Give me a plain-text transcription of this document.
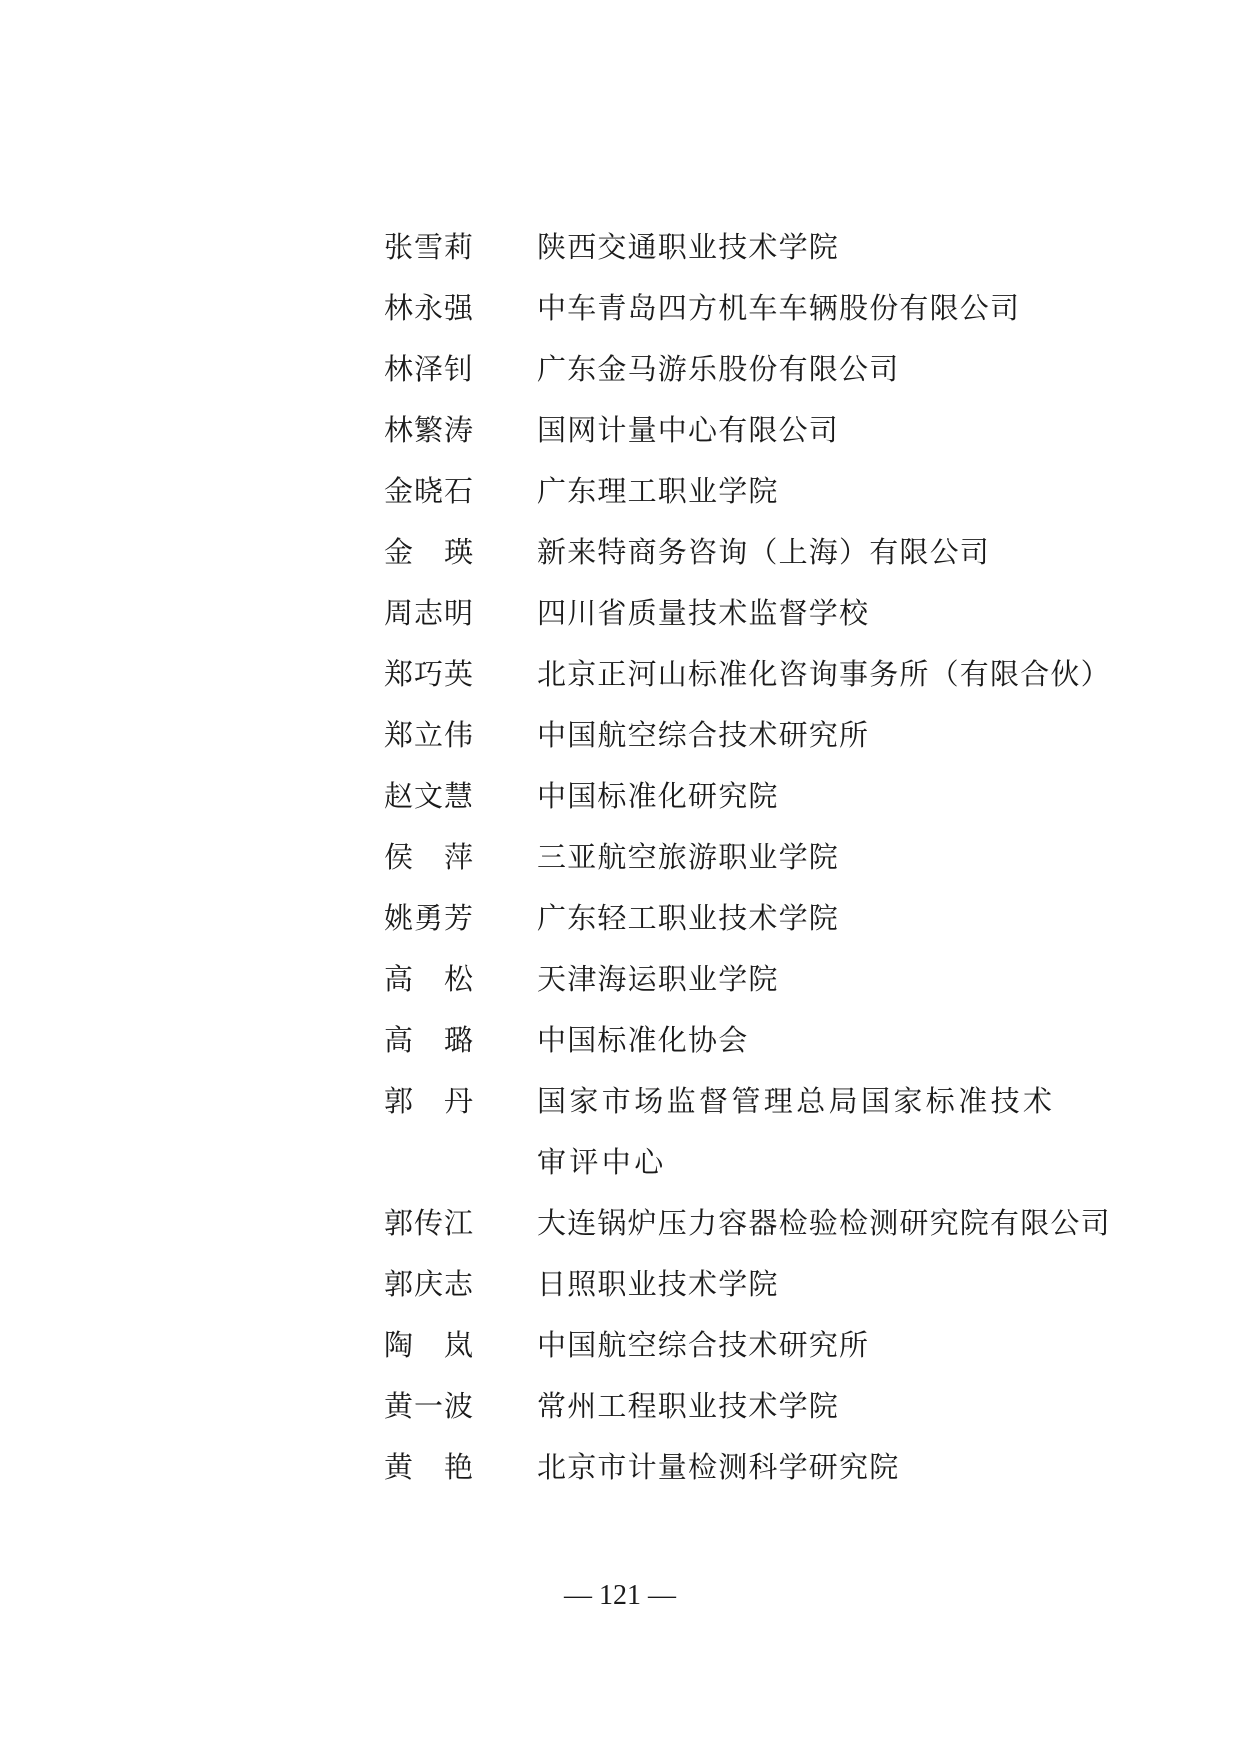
张雪莉	陕西交通职业技术学院
林永强	中车青岛四方机车车辆股份有限公司
林泽钊	广东金马游乐股份有限公司
林繁涛	国网计量中心有限公司
金晓石	广东理工职业学院
金　瑛	新来特商务咨询（上海）有限公司
周志明	四川省质量技术监督学校
郑巧英	北京正河山标准化咨询事务所（有限合伙）
郑立伟	中国航空综合技术研究所
赵文慧	中国标准化研究院
侯　萍	三亚航空旅游职业学院
姚勇芳	广东轻工职业技术学院
高　松	天津海运职业学院
高　璐	中国标准化协会
郭　丹	国家市场监督管理总局国家标准技术审评中心
郭传江	大连锅炉压力容器检验检测研究院有限公司
郭庆志	日照职业技术学院
陶　岚	中国航空综合技术研究所
黄一波	常州工程职业技术学院
黄　艳	北京市计量检测科学研究院
— 121 —
